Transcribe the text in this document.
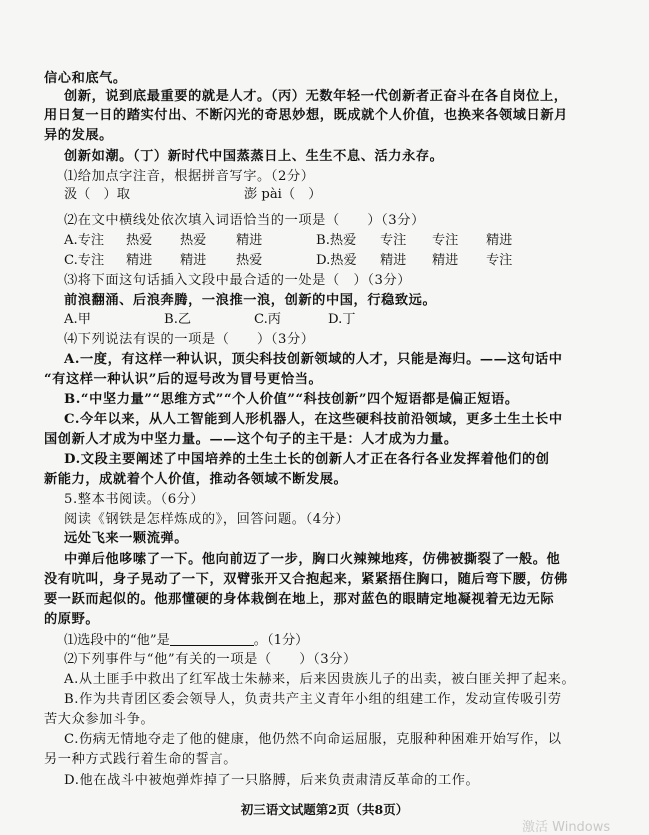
信心和底气。
创新，说到底最重要的就是人才。（丙）无数年轻一代创新者正奋斗在各自岗位上，
用日复一日的踏实付出、不断闪光的奇思妙想，既成就个人价值，也换来各领域日新月
异的发展。
创新如潮。（丁）新时代中国蒸蒸日上、生生不息、活力永存。
⑴给加点字注音，根据拼音写字。（2分）
⑵在文中横线处依次填入词语恰当的一项是（　　）（3分）
⑶将下面这句话插入文段中最合适的一处是（　）（3分）
前浪翻涌、后浪奔腾，一浪推一浪，创新的中国，行稳致远。
⑷下列说法有误的一项是（　　）（3分）
A.一度，有这样一种认识，顶尖科技创新领域的人才，只能是海归。——这句话中
“有这样一种认识”后的逗号改为冒号更恰当。
B.“中坚力量”“思维方式”“个人价值”“科技创新”四个短语都是偏正短语。
C.今年以来，从人工智能到人形机器人，在这些硬科技前沿领域，更多土生土长中
国创新人才成为中坚力量。——这个句子的主干是：人才成为力量。
D.文段主要阐述了中国培养的土生土长的创新人才正在各行各业发挥着他们的创
新能力，成就着个人价值，推动各领域不断发展。
5.整本书阅读。（6分）
阅读《钢铁是怎样炼成的》，回答问题。（4分）
远处飞来一颗流弹。
中弹后他哆嗦了一下。他向前迈了一步，胸口火辣辣地疼，仿佛被撕裂了一般。他
没有吭叫，身子晃动了一下，双臂张开又合抱起来，紧紧捂住胸口，随后弯下腰，仿佛
要一跃而起似的。他那懂硬的身体栽倒在地上，那对蓝色的眼睛定地凝视着无边无际
的原野。
⑵下列事件与“他”有关的一项是（　　）（3分）
A.从土匪手中救出了红军战士朱赫来，后来因贵族儿子的出卖，被白匪关押了起来。
B.作为共青团区委会领导人，负责共产主义青年小组的组建工作，发动宣传吸引劳
苦大众参加斗争。
C.伤病无情地夺走了他的健康，他仍然不向命运屈服，克服种种困难开始写作，以
另一种方式践行着生命的誓言。
D.他在战斗中被炮弹炸掉了一只胳膊，后来负责肃清反革命的工作。
汲（　）取	澎 pài（　）
A.专注 热爱 热爱 精进	B.热爱 专注 专注 精进
C.专注 精进 精进 热爱	D.热爱 精进 精进 专注
A.甲	B.乙	C.丙	D.丁
⑴选段中的“他”是	。（1分）
初三语文试题第2页（共8页）
激活 Windows
